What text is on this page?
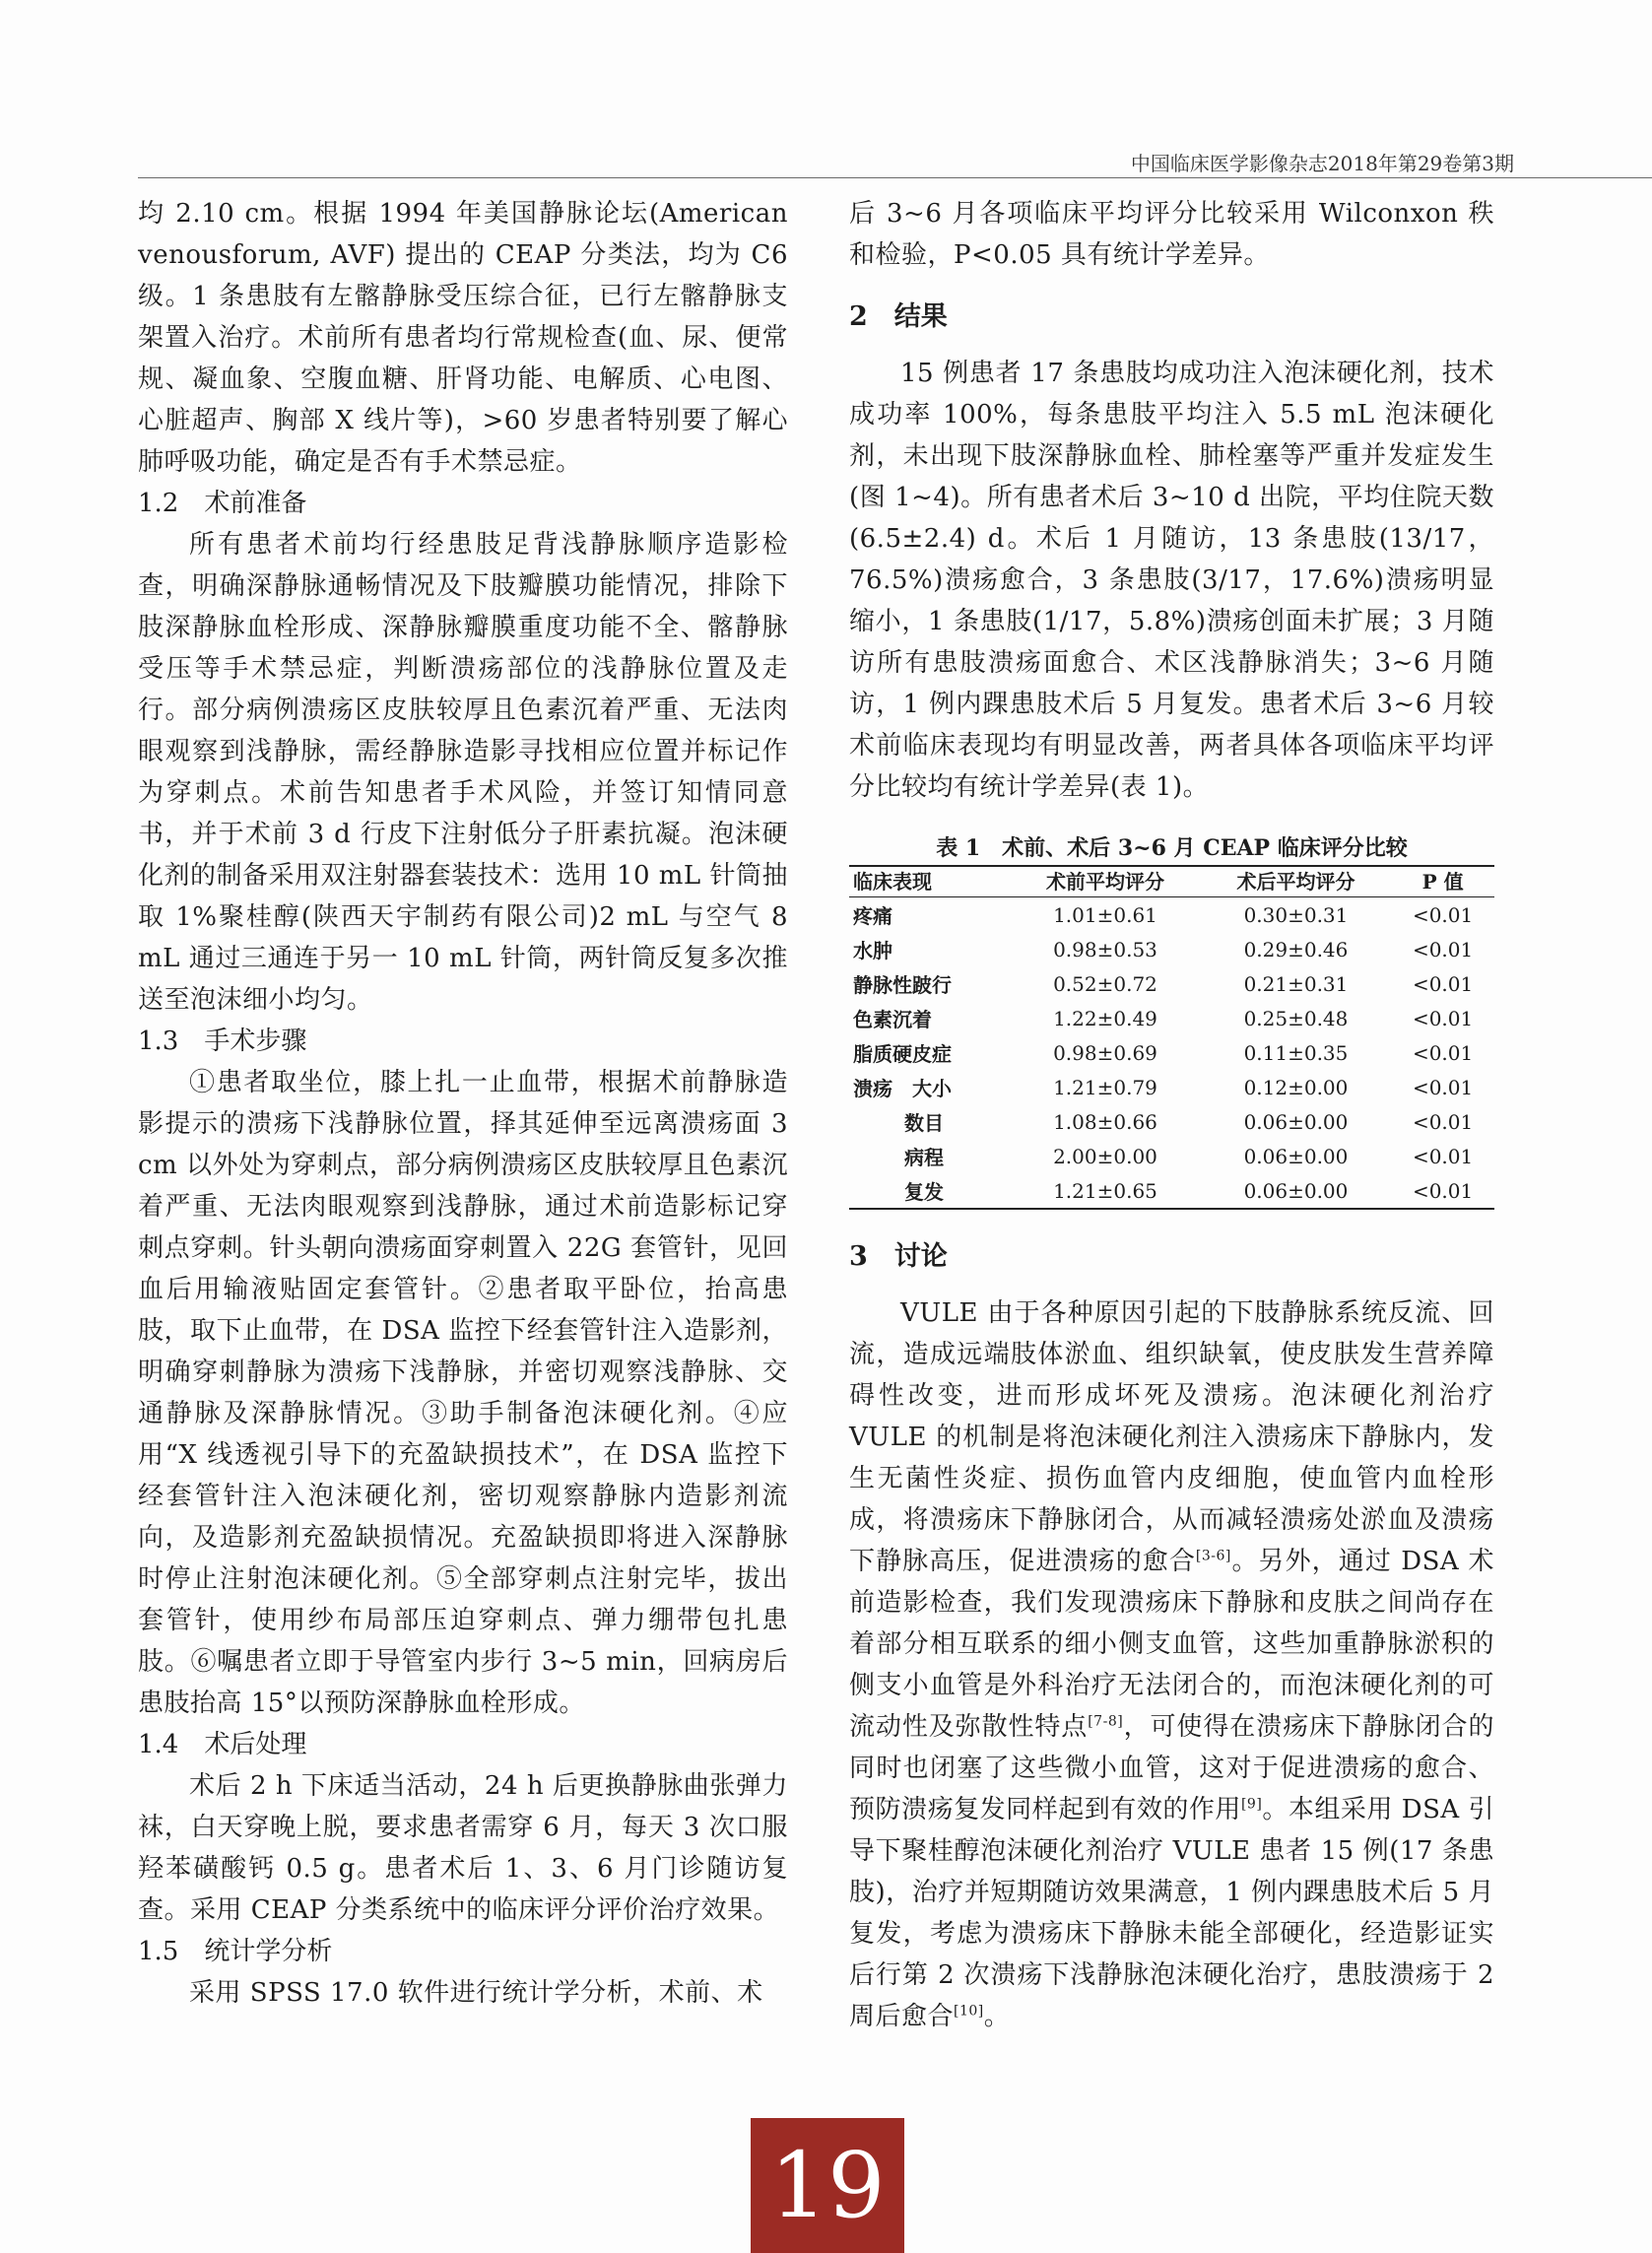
中国临床医学影像杂志2018年第29卷第3期

均 2.10 cm。根据 1994 年美国静脉论坛(American venousforum, AVF) 提出的 CEAP 分类法，均为 C6 级。1 条患肢有左髂静脉受压综合征，已行左髂静脉支架置入治疗。术前所有患者均行常规检查(血、尿、便常规、凝血象、空腹血糖、肝肾功能、电解质、心电图、心脏超声、胸部 X 线片等)，>60 岁患者特别要了解心肺呼吸功能，确定是否有手术禁忌症。

1.2　术前准备

所有患者术前均行经患肢足背浅静脉顺序造影检查，明确深静脉通畅情况及下肢瓣膜功能情况，排除下肢深静脉血栓形成、深静脉瓣膜重度功能不全、髂静脉受压等手术禁忌症，判断溃疡部位的浅静脉位置及走行。部分病例溃疡区皮肤较厚且色素沉着严重、无法肉眼观察到浅静脉，需经静脉造影寻找相应位置并标记作为穿刺点。术前告知患者手术风险，并签订知情同意书，并于术前 3 d 行皮下注射低分子肝素抗凝。泡沫硬化剂的制备采用双注射器套装技术：选用 10 mL 针筒抽取 1%聚桂醇(陕西天宇制药有限公司)2 mL 与空气 8 mL 通过三通连于另一 10 mL 针筒，两针筒反复多次推送至泡沫细小均匀。

1.3　手术步骤

①患者取坐位，膝上扎一止血带，根据术前静脉造影提示的溃疡下浅静脉位置，择其延伸至远离溃疡面 3 cm 以外处为穿刺点，部分病例溃疡区皮肤较厚且色素沉着严重、无法肉眼观察到浅静脉，通过术前造影标记穿刺点穿刺。针头朝向溃疡面穿刺置入 22G 套管针，见回血后用输液贴固定套管针。②患者取平卧位，抬高患肢，取下止血带，在 DSA 监控下经套管针注入造影剂，明确穿刺静脉为溃疡下浅静脉，并密切观察浅静脉、交通静脉及深静脉情况。③助手制备泡沫硬化剂。④应用“X 线透视引导下的充盈缺损技术”，在 DSA 监控下经套管针注入泡沫硬化剂，密切观察静脉内造影剂流向，及造影剂充盈缺损情况。充盈缺损即将进入深静脉时停止注射泡沫硬化剂。⑤全部穿刺点注射完毕，拔出套管针，使用纱布局部压迫穿刺点、弹力绷带包扎患肢。⑥嘱患者立即于导管室内步行 3~5 min，回病房后患肢抬高 15°以预防深静脉血栓形成。

1.4　术后处理

术后 2 h 下床适当活动，24 h 后更换静脉曲张弹力袜，白天穿晚上脱，要求患者需穿 6 月，每天 3 次口服羟苯磺酸钙 0.5 g。患者术后 1、3、6 月门诊随访复查。采用 CEAP 分类系统中的临床评分评价治疗效果。

1.5　统计学分析

采用 SPSS 17.0 软件进行统计学分析，术前、术

后 3~6 月各项临床平均评分比较采用 Wilconxon 秩和检验，P<0.05 具有统计学差异。

2　结果

15 例患者 17 条患肢均成功注入泡沫硬化剂，技术成功率 100%，每条患肢平均注入 5.5 mL 泡沫硬化剂，未出现下肢深静脉血栓、肺栓塞等严重并发症发生(图 1~4)。所有患者术后 3~10 d 出院，平均住院天数(6.5±2.4) d。术后 1 月随访，13 条患肢(13/17，76.5%)溃疡愈合，3 条患肢(3/17，17.6%)溃疡明显缩小，1 条患肢(1/17，5.8%)溃疡创面未扩展；3 月随访所有患肢溃疡面愈合、术区浅静脉消失；3~6 月随访，1 例内踝患肢术后 5 月复发。患者术后 3~6 月较术前临床表现均有明显改善，两者具体各项临床平均评分比较均有统计学差异(表 1)。

表 1　术前、术后 3~6 月 CEAP 临床评分比较
临床表现	术前平均评分	术后平均评分	P 值
疼痛	1.01±0.61	0.30±0.31	<0.01
水肿	0.98±0.53	0.29±0.46	<0.01
静脉性跛行	0.52±0.72	0.21±0.31	<0.01
色素沉着	1.22±0.49	0.25±0.48	<0.01
脂质硬皮症	0.98±0.69	0.11±0.35	<0.01
溃疡　大小	1.21±0.79	0.12±0.00	<0.01
数目	1.08±0.66	0.06±0.00	<0.01
病程	2.00±0.00	0.06±0.00	<0.01
复发	1.21±0.65	0.06±0.00	<0.01
3　讨论

VULE 由于各种原因引起的下肢静脉系统反流、回流，造成远端肢体淤血、组织缺氧，使皮肤发生营养障碍性改变，进而形成坏死及溃疡。泡沫硬化剂治疗 VULE 的机制是将泡沫硬化剂注入溃疡床下静脉内，发生无菌性炎症、损伤血管内皮细胞，使血管内血栓形成，将溃疡床下静脉闭合，从而减轻溃疡处淤血及溃疡下静脉高压，促进溃疡的愈合[3-6]。另外，通过 DSA 术前造影检查，我们发现溃疡床下静脉和皮肤之间尚存在着部分相互联系的细小侧支血管，这些加重静脉淤积的侧支小血管是外科治疗无法闭合的，而泡沫硬化剂的可流动性及弥散性特点[7-8]，可使得在溃疡床下静脉闭合的同时也闭塞了这些微小血管，这对于促进溃疡的愈合、预防溃疡复发同样起到有效的作用[9]。本组采用 DSA 引导下聚桂醇泡沫硬化剂治疗 VULE 患者 15 例(17 条患肢)，治疗并短期随访效果满意，1 例内踝患肢术后 5 月复发，考虑为溃疡床下静脉未能全部硬化，经造影证实后行第 2 次溃疡下浅静脉泡沫硬化治疗，患肢溃疡于 2 周后愈合[10]。

19
